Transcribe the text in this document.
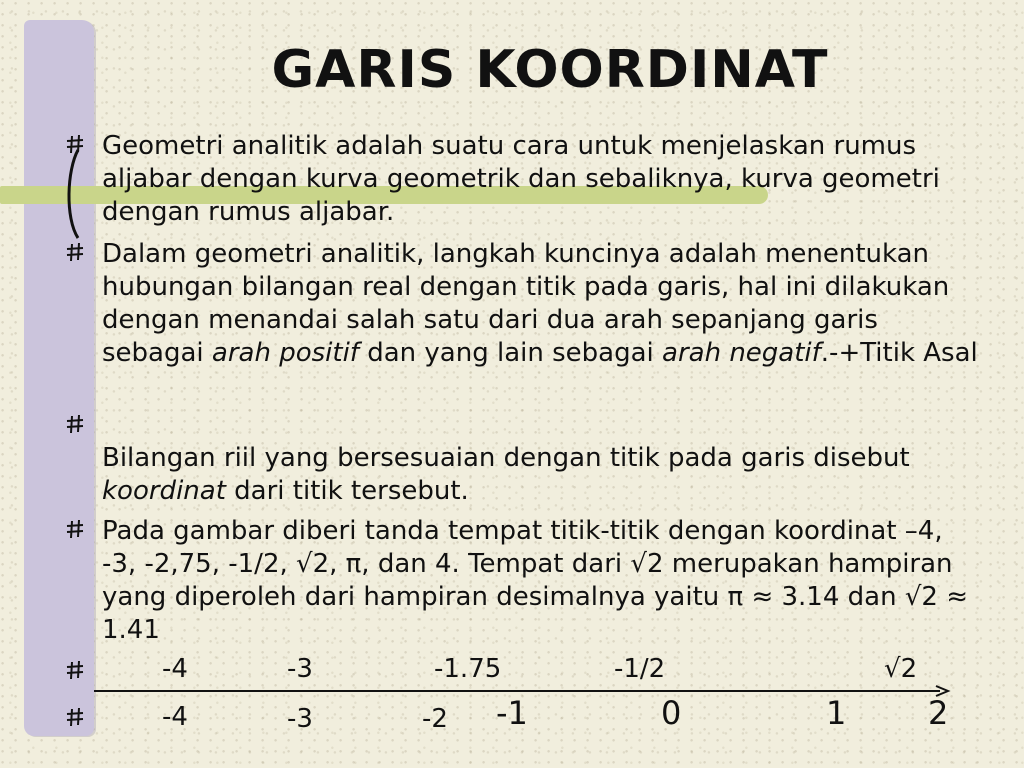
GARIS KOORDINAT
Geometri analitik adalah suatu cara untuk menjelaskan rumus aljabar dengan kurva geometrik dan sebaliknya, kurva geometri dengan rumus aljabar.
Dalam geometri analitik, langkah kuncinya adalah menentukan hubungan bilangan real dengan titik pada garis, hal ini dilakukan dengan menandai salah satu dari dua arah sepanjang garis sebagai arah positif dan yang lain sebagai arah negatif.-+Titik Asal
Bilangan riil yang bersesuaian dengan titik pada garis disebut koordinat dari titik tersebut.
Pada gambar diberi tanda tempat titik-titik dengan koordinat –4, -3, -2,75, -1/2, √2, π, dan 4. Tempat dari √2 merupakan hampiran yang diperoleh dari hampiran desimalnya yaitu π ≈ 3.14 dan √2 ≈ 1.41
-4	-3	-1.75	-1/2	√2
-4	-3	-2 -1	0	1	2
